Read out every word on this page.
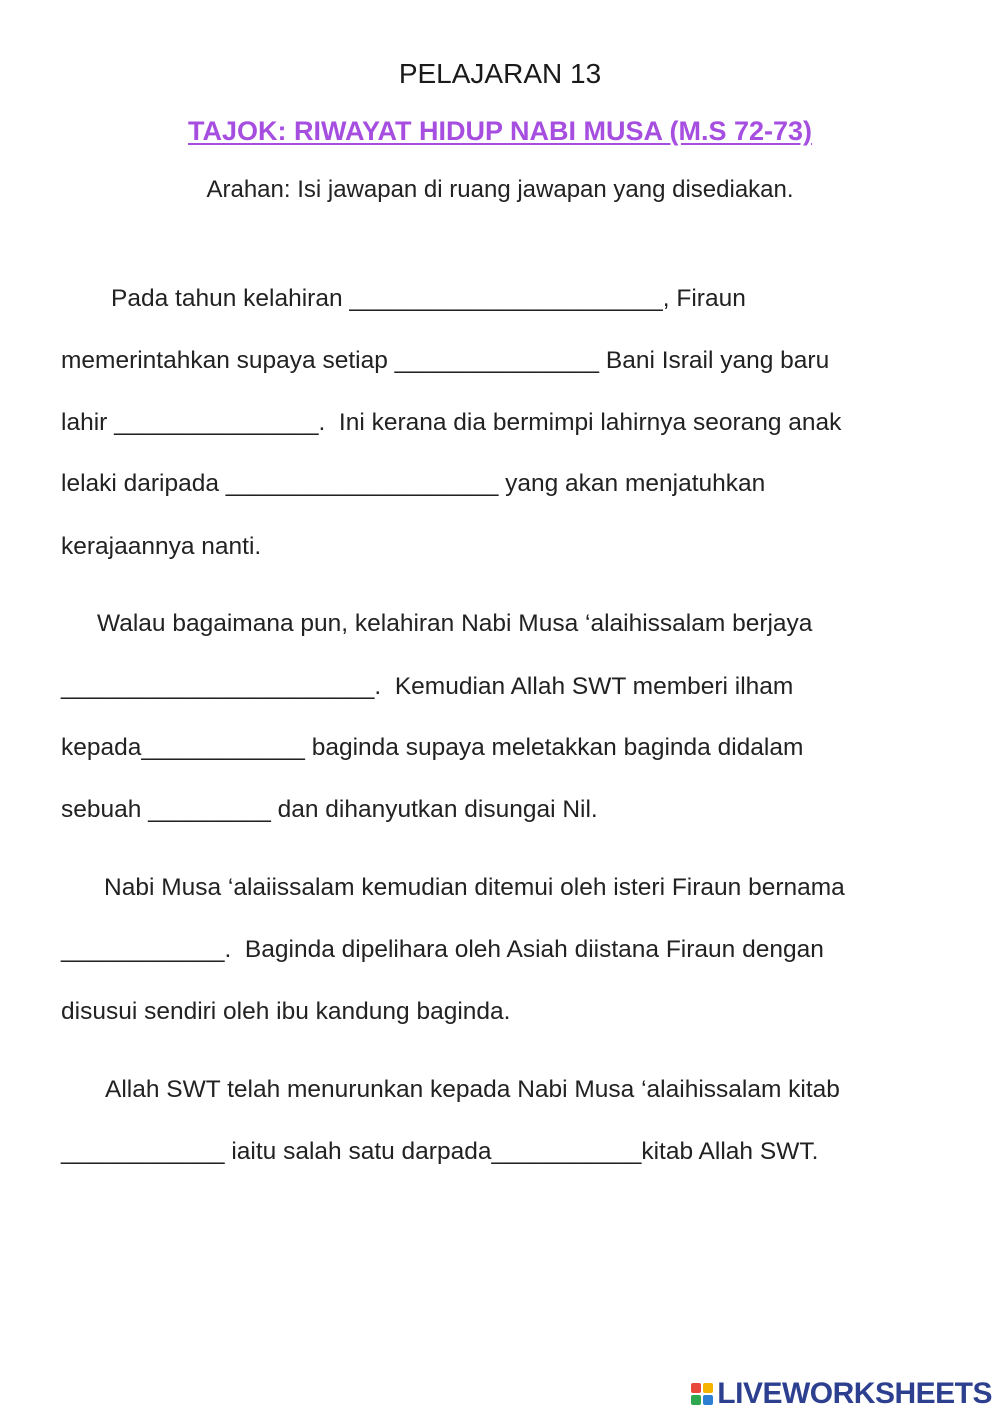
PELAJARAN 13
TAJOK: RIWAYAT HIDUP NABI MUSA (M.S 72-73)
Arahan: Isi jawapan di ruang jawapan yang disediakan.
Pada tahun kelahiran _______________________, Firaun
memerintahkan supaya setiap _______________ Bani Israil yang baru
lahir _______________.  Ini kerana dia bermimpi lahirnya seorang anak
lelaki daripada ____________________ yang akan menjatuhkan
kerajaannya nanti.
Walau bagaimana pun, kelahiran Nabi Musa ‘alaihissalam berjaya
_______________________.  Kemudian Allah SWT memberi ilham
kepada____________ baginda supaya meletakkan baginda didalam
sebuah _________ dan dihanyutkan disungai Nil.
Nabi Musa ‘alaiissalam kemudian ditemui oleh isteri Firaun bernama
____________.  Baginda dipelihara oleh Asiah diistana Firaun dengan
disusui sendiri oleh ibu kandung baginda.
Allah SWT telah menurunkan kepada Nabi Musa ‘alaihissalam kitab
____________ iaitu salah satu darpada___________kitab Allah SWT.
LIVEWORKSHEETS
